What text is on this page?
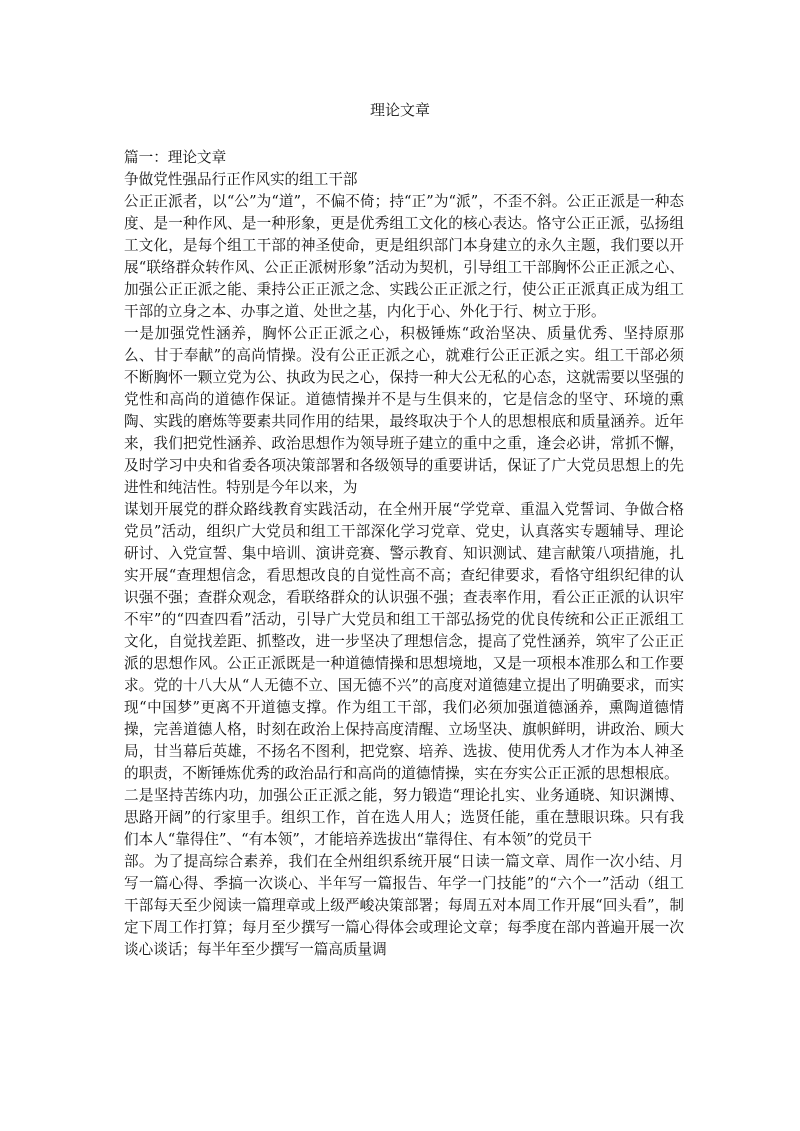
理论文章

篇一：理论文章

争做党性强品行正作风实的组工干部

公正正派者，以“公”为“道”，不偏不倚；持“正”为“派”，不歪不斜。公正正派是一种态度、是一种作风、是一种形象，更是优秀组工文化的核心表达。恪守公正正派，弘扬组工文化，是每个组工干部的神圣使命，更是组织部门本身建立的永久主题，我们要以开展“联络群众转作风、公正正派树形象”活动为契机，引导组工干部胸怀公正正派之心、加强公正正派之能、秉持公正正派之念、实践公正正派之行，使公正正派真正成为组工干部的立身之本、办事之道、处世之基，内化于心、外化于行、树立于形。

一是加强党性涵养，胸怀公正正派之心，积极锤炼“政治坚决、质量优秀、坚持原那么、甘于奉献”的高尚情操。没有公正正派之心，就难行公正正派之实。组工干部必须不断胸怀一颗立党为公、执政为民之心，保持一种大公无私的心态，这就需要以坚强的党性和高尚的道德作保证。道德情操并不是与生俱来的，它是信念的坚守、环境的熏陶、实践的磨炼等要素共同作用的结果，最终取决于个人的思想根底和质量涵养。近年来，我们把党性涵养、政治思想作为领导班子建立的重中之重，逢会必讲，常抓不懈，及时学习中央和省委各项决策部署和各级领导的重要讲话，保证了广大党员思想上的先进性和纯洁性。特别是今年以来，为

谋划开展党的群众路线教育实践活动，在全州开展“学党章、重温入党誓词、争做合格党员”活动，组织广大党员和组工干部深化学习党章、党史，认真落实专题辅导、理论研讨、入党宣誓、集中培训、演讲竞赛、警示教育、知识测试、建言献策八项措施，扎实开展“查理想信念，看思想改良的自觉性高不高；查纪律要求，看恪守组织纪律的认识强不强；查群众观念，看联络群众的认识强不强；查表率作用，看公正正派的认识牢不牢”的“四查四看”活动，引导广大党员和组工干部弘扬党的优良传统和公正正派组工文化，自觉找差距、抓整改，进一步坚决了理想信念，提高了党性涵养，筑牢了公正正派的思想作风。公正正派既是一种道德情操和思想境地，又是一项根本准那么和工作要求。党的十八大从“人无德不立、国无德不兴”的高度对道德建立提出了明确要求，而实现“中国梦”更离不开道德支撑。作为组工干部，我们必须加强道德涵养，熏陶道德情操，完善道德人格，时刻在政治上保持高度清醒、立场坚决、旗帜鲜明，讲政治、顾大局，甘当幕后英雄，不扬名不图利，把党察、培养、选拔、使用优秀人才作为本人神圣的职责，不断锤炼优秀的政治品行和高尚的道德情操，实在夯实公正正派的思想根底。

二是坚持苦练内功，加强公正正派之能，努力锻造“理论扎实、业务通晓、知识渊博、思路开阔”的行家里手。组织工作，首在选人用人；选贤任能，重在慧眼识珠。只有我们本人“靠得住”、“有本领”，才能培养选拔出“靠得住、有本领”的党员干

部。为了提高综合素养，我们在全州组织系统开展“日读一篇文章、周作一次小结、月写一篇心得、季搞一次谈心、半年写一篇报告、年学一门技能”的“六个一”活动（组工干部每天至少阅读一篇理章或上级严峻决策部署；每周五对本周工作开展“回头看”，制定下周工作打算；每月至少撰写一篇心得体会或理论文章；每季度在部内普遍开展一次谈心谈话；每半年至少撰写一篇高质量调
